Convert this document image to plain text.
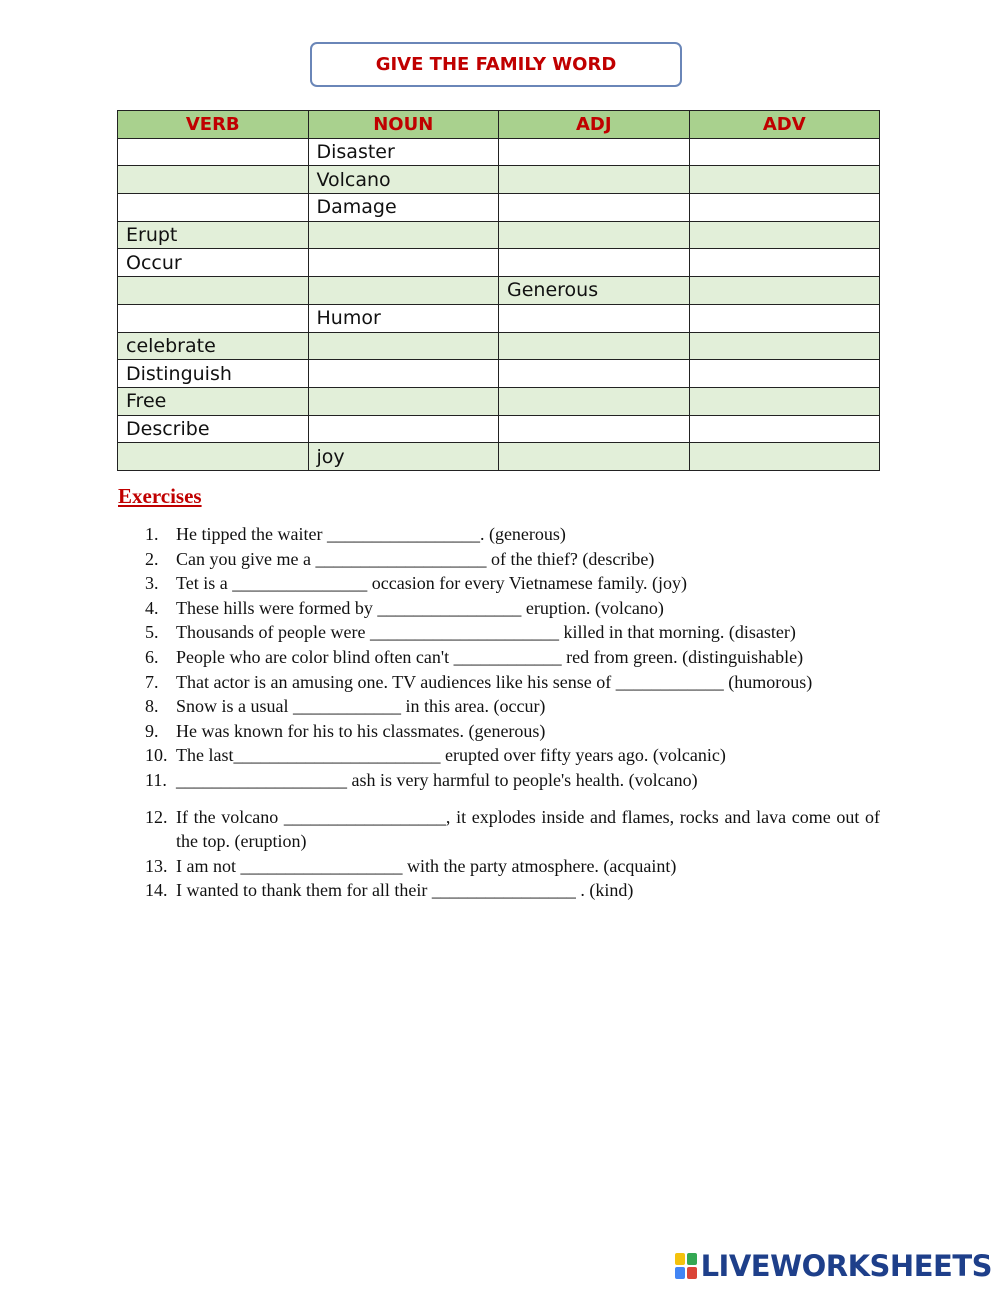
GIVE THE FAMILY WORD
VERB	NOUN	ADJ	ADV
	Disaster		
	Volcano		
	Damage		
Erupt			
Occur			
		Generous	
	Humor		
celebrate			
Distinguish			
Free			
Describe			
	joy		
Exercises
1. He tipped the waiter _________________. (generous)
2. Can you give me a ___________________ of the thief? (describe)
3. Tet is a _______________ occasion for every Vietnamese family. (joy)
4. These hills were formed by ________________ eruption. (volcano)
5. Thousands of people were _____________________ killed in that morning. (disaster)
6. People who are color blind often can't ____________ red from green. (distinguishable)
7. That actor is an amusing one. TV audiences like his sense of ____________ (humorous)
8. Snow is a usual ____________ in this area. (occur)
9. He was known for his to his classmates. (generous)
10. The last_______________________ erupted over fifty years ago. (volcanic)
11. ___________________ ash is very harmful to people's health. (volcano)
12. If the volcano __________________, it explodes inside and flames, rocks and lava come out of the top. (eruption)
13. I am not __________________ with the party atmosphere. (acquaint)
14. I wanted to thank them for all their ________________ . (kind)
LIVEWORKSHEETS
